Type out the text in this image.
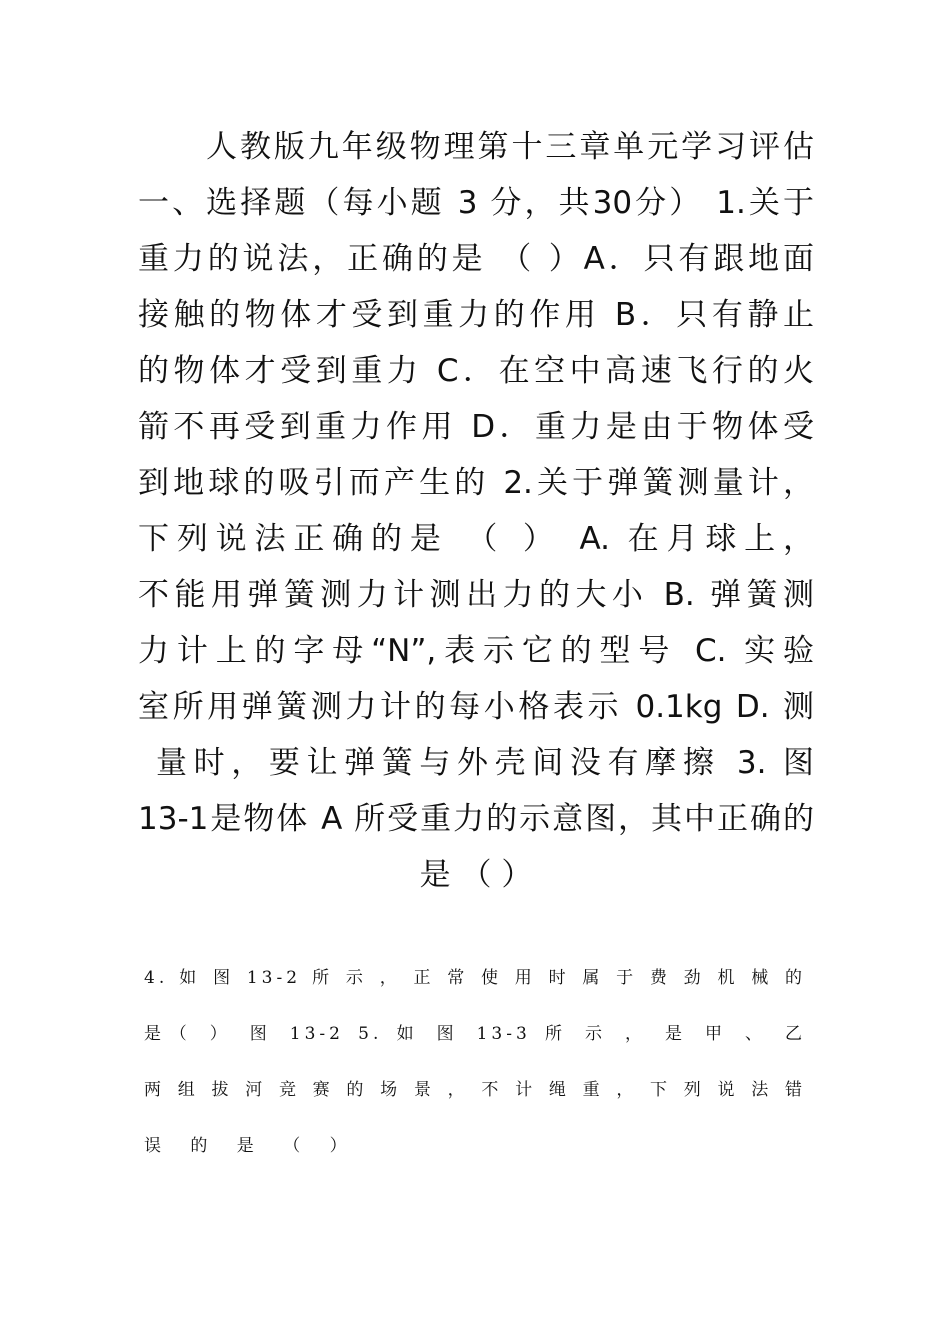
人教版九年级物理第十三章单元学习评估
一、选择题（每小题 3 分，共30分） 1.关于
重力的说法，正确的是 （ ）A．只有跟地面
接触的物体才受到重力的作用 B．只有静止
的物体才受到重力 C．在空中高速飞行的火
箭不再受到重力作用 D．重力是由于物体受
到地球的吸引而产生的 2.关于弹簧测量计，
下列说法正确的是 （ ） A. 在月球上，
不能用弹簧测力计测出力的大小 B. 弹簧测
力计上的字母“N”,表示它的型号 C. 实验
室所用弹簧测力计的每小格表示 0.1kg D. 测
量时，要让弹簧与外壳间没有摩擦 3. 图
13-1是物体 A 所受重力的示意图，其中正确的
是 （ ）
4. 如 图 13-2 所 示 ， 正 常 使 用 时 属 于 费 劲 机 械 的
是（ ） 图 13-2 5. 如 图 13-3 所 示 ， 是 甲 、 乙
两 组 拔 河 竞 赛 的 场 景 ， 不 计 绳 重 ， 下 列 说 法 错
误 的 是 （ ）
